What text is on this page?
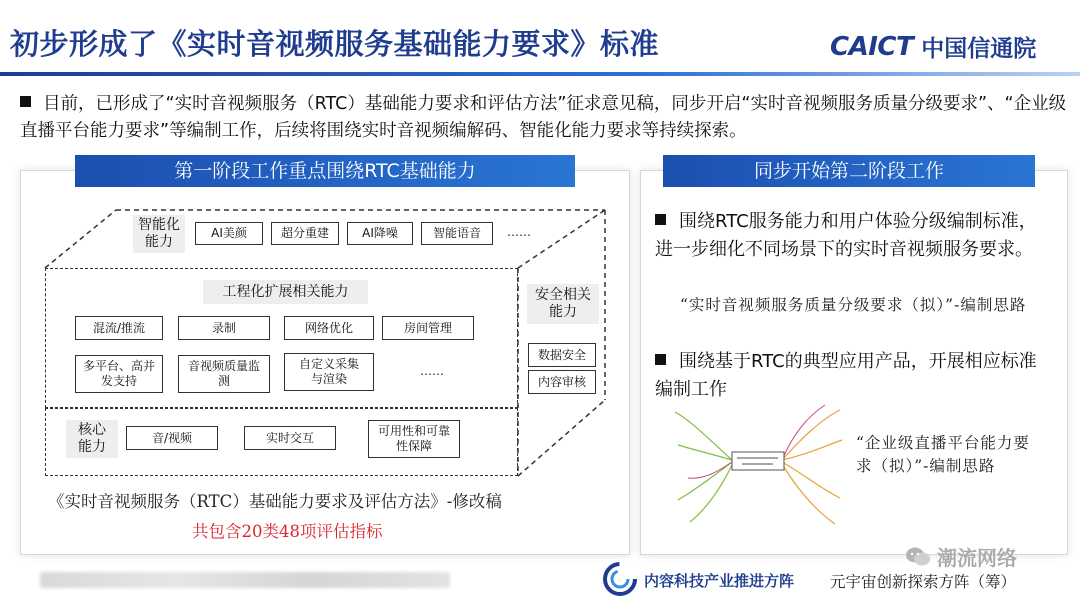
初步形成了《实时音视频服务基础能力要求》标准	CAICT 中国信通院
目前，已形成了“实时音视频服务（RTC）基础能力要求和评估方法”征求意见稿，同步开启“实时音视频服务质量分级要求”、“企业级直播平台能力要求”等编制工作，后续将围绕实时音视频编解码、智能化能力要求等持续探索。
第一阶段工作重点围绕RTC基础能力
智能化
能力
AI美颜	超分重建	AI降噪	智能语音	……
工程化扩展相关能力
混流/推流	录制	网络优化	房间管理
多平台、高并发支持
音视频质量监测
自定义采集与渲染
……
核心
能力
音/视频	实时交互	可用性和可靠性保障
安全相关
能力
数据安全
内容审核
《实时音视频服务（RTC）基础能力要求及评估方法》-修改稿
共包含20类48项评估指标
同步开始第二阶段工作
围绕RTC服务能力和用户体验分级编制标准，进一步细化不同场景下的实时音视频服务要求。
“实时音视频服务质量分级要求（拟）”-编制思路
围绕基于RTC的典型应用产品，开展相应标准编制工作
“企业级直播平台能力要求（拟）”-编制思路
内容科技产业推进方阵 元宇宙创新探索方阵（筹）
潮流网络
